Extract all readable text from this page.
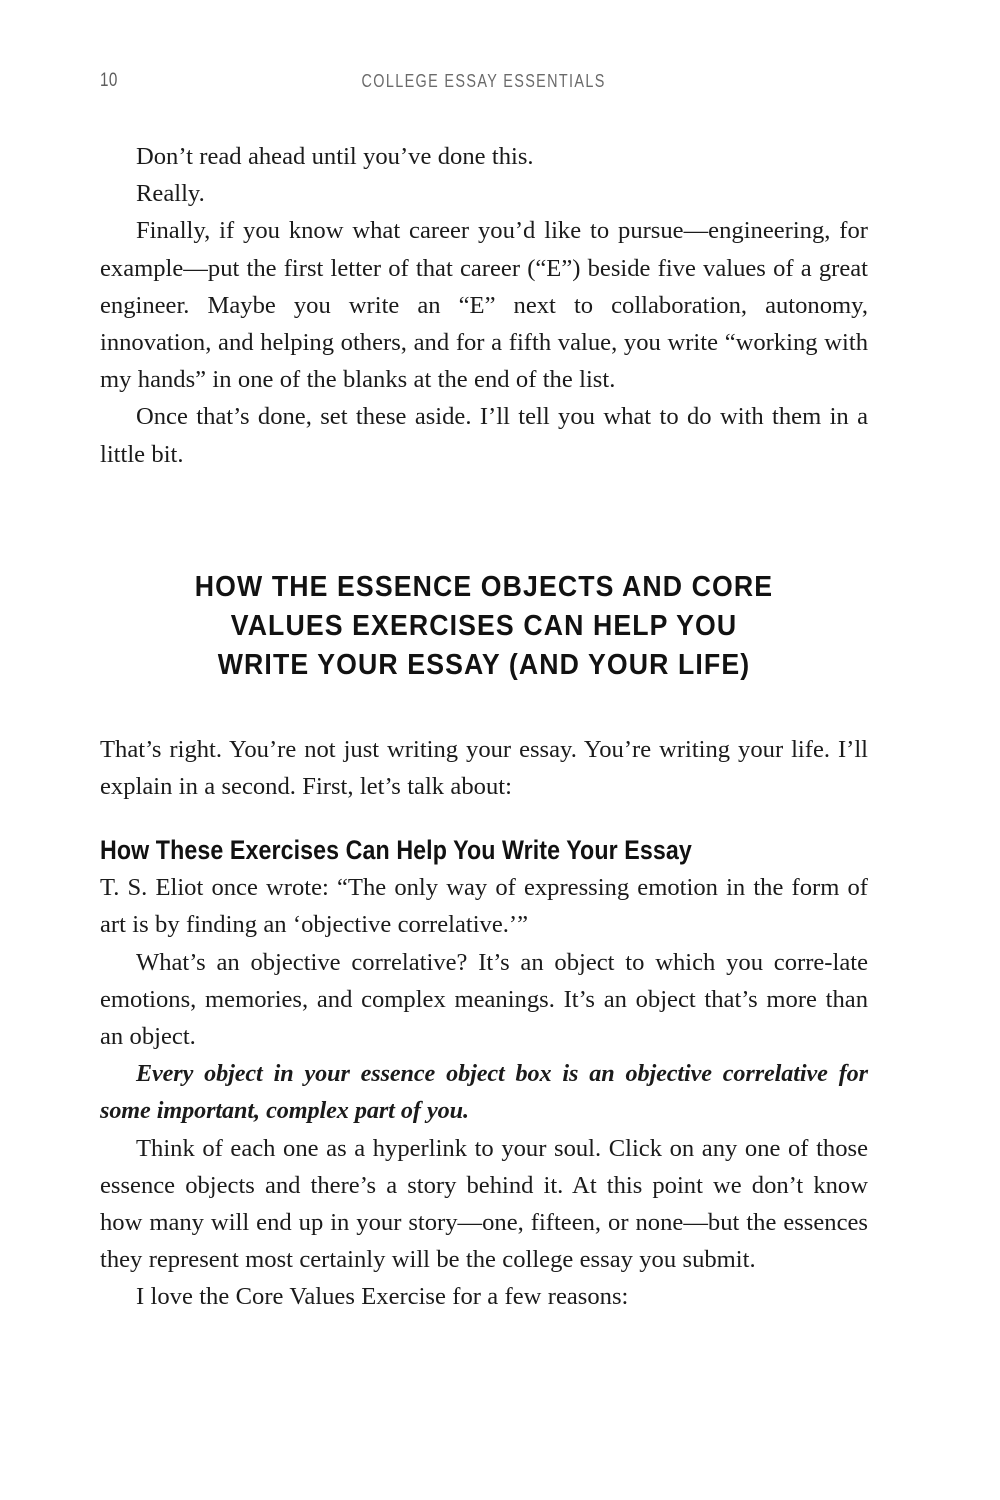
10	COLLEGE ESSAY ESSENTIALS

Don’t read ahead until you’ve done this.

Really.

Finally, if you know what career you’d like to pursue—engineering, for example—put the first letter of that career (“E”) beside five values of a great engineer. Maybe you write an “E” next to collaboration, autonomy, innovation, and helping others, and for a fifth value, you write “working with my hands” in one of the blanks at the end of the list.

Once that’s done, set these aside. I’ll tell you what to do with them in a little bit.

HOW THE ESSENCE OBJECTS AND CORE
VALUES EXERCISES CAN HELP YOU
WRITE YOUR ESSAY (AND YOUR LIFE)

That’s right. You’re not just writing your essay. You’re writing your life. I’ll explain in a second. First, let’s talk about:

How These Exercises Can Help You Write Your Essay

T. S. Eliot once wrote: “The only way of expressing emotion in the form of art is by finding an ‘objective correlative.’”

What’s an objective correlative? It’s an object to which you corre-late emotions, memories, and complex meanings. It’s an object that’s more than an object.

Every object in your essence object box is an objective correlative for some important, complex part of you.

Think of each one as a hyperlink to your soul. Click on any one of those essence objects and there’s a story behind it. At this point we don’t know how many will end up in your story—one, fifteen, or none—but the essences they represent most certainly will be the college essay you submit.

I love the Core Values Exercise for a few reasons:
